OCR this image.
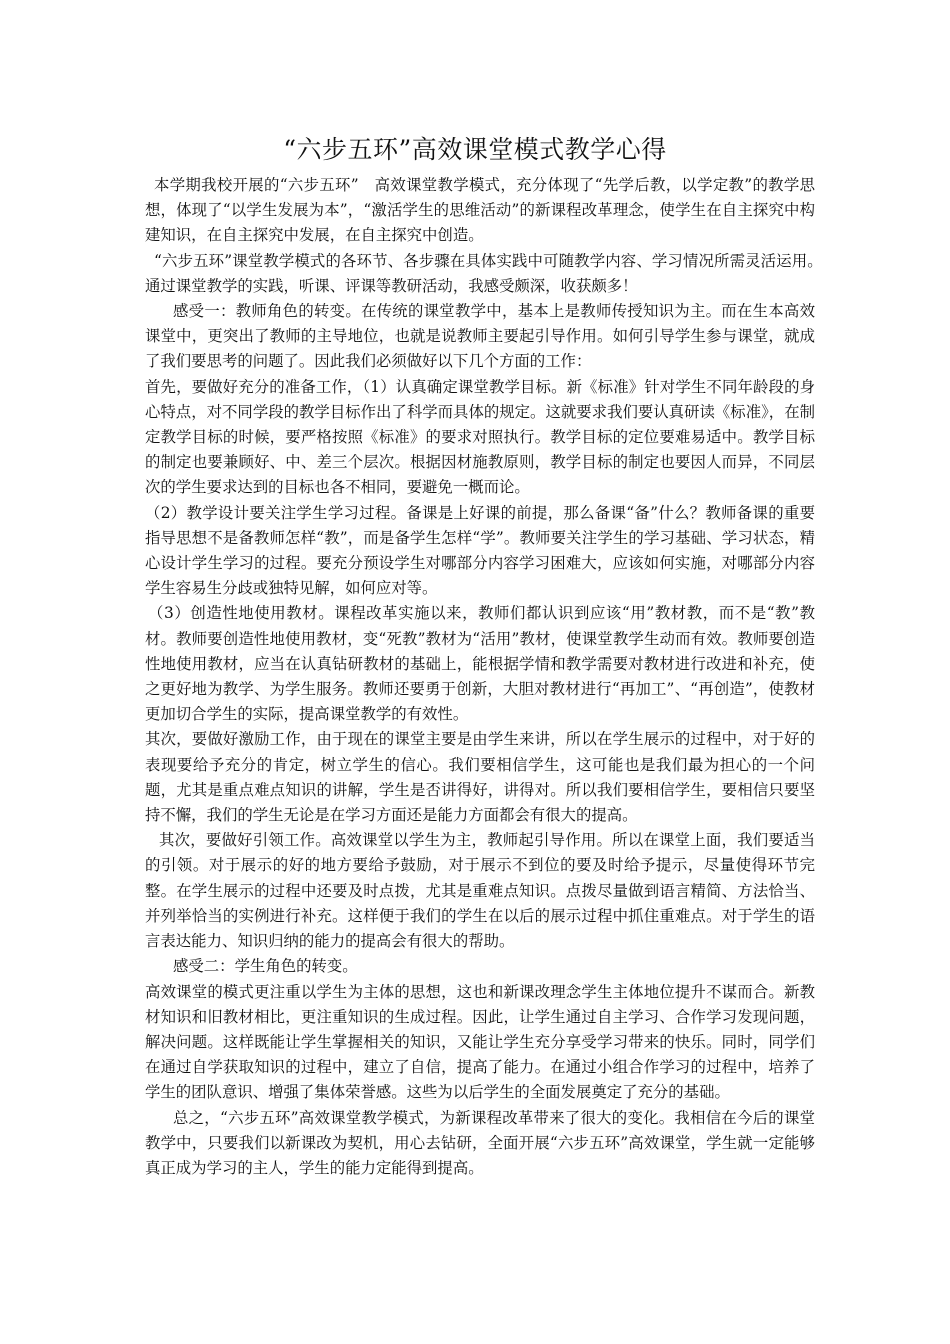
“六步五环”高效课堂模式教学心得

本学期我校开展的“六步五环”　高效课堂教学模式，充分体现了“先学后教，以学定教”的教学思想，体现了“以学生发展为本”，“激活学生的思维活动”的新课程改革理念，使学生在自主探究中构建知识，在自主探究中发展，在自主探究中创造。

“六步五环”课堂教学模式的各环节、各步骤在具体实践中可随教学内容、学习情况所需灵活运用。　通过课堂教学的实践，听课、评课等教研活动，我感受颇深，收获颇多！

感受一：教师角色的转变。在传统的课堂教学中，基本上是教师传授知识为主。而在生本高效课堂中，更突出了教师的主导地位，也就是说教师主要起引导作用。如何引导学生参与课堂，就成了我们要思考的问题了。因此我们必须做好以下几个方面的工作：

首先，要做好充分的准备工作，（1）认真确定课堂教学目标。新《标准》针对学生不同年龄段的身心特点，对不同学段的教学目标作出了科学而具体的规定。这就要求我们要认真研读《标准》，在制定教学目标的时候，要严格按照《标准》的要求对照执行。教学目标的定位要难易适中。教学目标的制定也要兼顾好、中、差三个层次。根据因材施教原则，教学目标的制定也要因人而异，不同层次的学生要求达到的目标也各不相同，要避免一概而论。

（2）教学设计要关注学生学习过程。备课是上好课的前提，那么备课“备”什么？教师备课的重要指导思想不是备教师怎样“教”，而是备学生怎样“学”。教师要关注学生的学习基础、学习状态，精心设计学生学习的过程。要充分预设学生对哪部分内容学习困难大，应该如何实施，对哪部分内容学生容易生分歧或独特见解，如何应对等。

（3）创造性地使用教材。课程改革实施以来，教师们都认识到应该“用”教材教，而不是“教”教材。教师要创造性地使用教材，变“死教”教材为“活用”教材，使课堂教学生动而有效。教师要创造性地使用教材，应当在认真钻研教材的基础上，能根据学情和教学需要对教材进行改进和补充，使之更好地为教学、为学生服务。教师还要勇于创新，大胆对教材进行“再加工”、“再创造”，使教材更加切合学生的实际，提高课堂教学的有效性。

其次，要做好激励工作，由于现在的课堂主要是由学生来讲，所以在学生展示的过程中，对于好的表现要给予充分的肯定，树立学生的信心。我们要相信学生，这可能也是我们最为担心的一个问题，尤其是重点难点知识的讲解，学生是否讲得好，讲得对。所以我们要相信学生，要相信只要坚持不懈，我们的学生无论是在学习方面还是能力方面都会有很大的提高。

其次，要做好引领工作。高效课堂以学生为主，教师起引导作用。所以在课堂上面，我们要适当的引领。对于展示的好的地方要给予鼓励，对于展示不到位的要及时给予提示，尽量使得环节完整。在学生展示的过程中还要及时点拨，尤其是重难点知识。点拨尽量做到语言精简、方法恰当、并列举恰当的实例进行补充。这样便于我们的学生在以后的展示过程中抓住重难点。对于学生的语言表达能力、知识归纳的能力的提高会有很大的帮助。

感受二：学生角色的转变。

高效课堂的模式更注重以学生为主体的思想，这也和新课改理念学生主体地位提升不谋而合。新教材知识和旧教材相比，更注重知识的生成过程。因此，让学生通过自主学习、合作学习发现问题，解决问题。这样既能让学生掌握相关的知识，又能让学生充分享受学习带来的快乐。同时，同学们在通过自学获取知识的过程中，建立了自信，提高了能力。在通过小组合作学习的过程中，培养了学生的团队意识、增强了集体荣誉感。这些为以后学生的全面发展奠定了充分的基础。

总之，“六步五环”高效课堂教学模式，为新课程改革带来了很大的变化。我相信在今后的课堂教学中，只要我们以新课改为契机，用心去钻研，全面开展“六步五环”高效课堂，学生就一定能够真正成为学习的主人，学生的能力定能得到提高。
